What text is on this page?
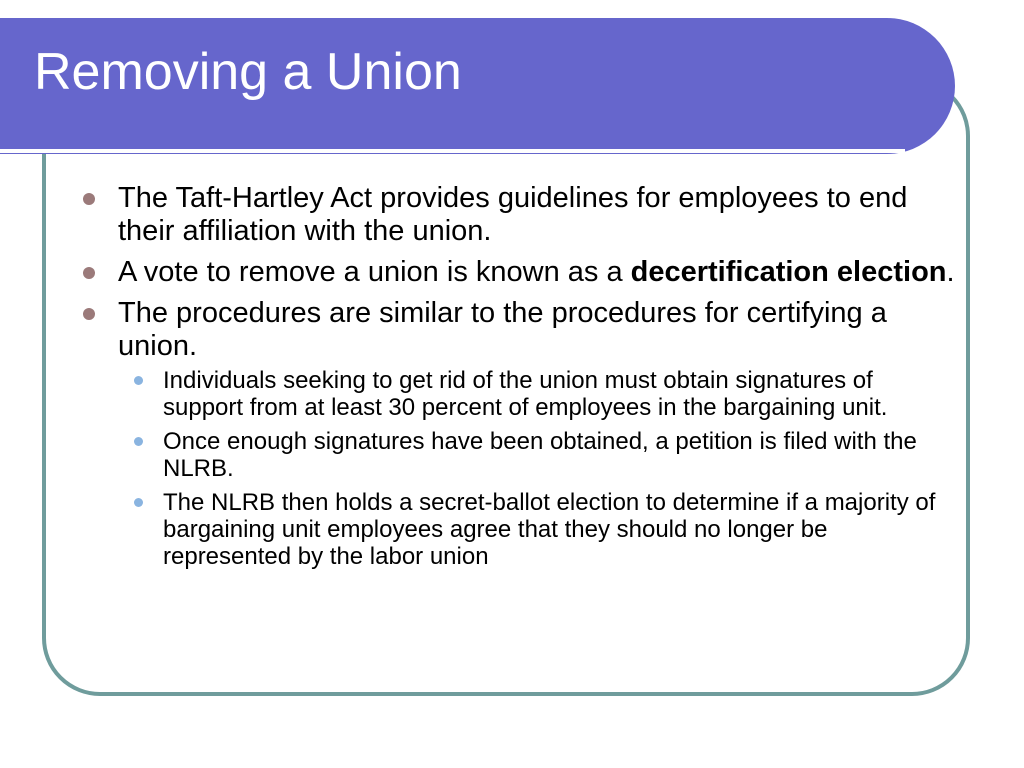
Removing a Union
The Taft-Hartley Act provides guidelines for employees to end their affiliation with the union.
A vote to remove a union is known as a decertification election.
The procedures are similar to the procedures for certifying a union.
Individuals seeking to get rid of the union must obtain signatures of support from at least 30 percent of employees in the bargaining unit.
Once enough signatures have been obtained, a petition is filed with the NLRB.
The NLRB then holds a secret-ballot election to determine if a majority of bargaining unit employees agree that they should no longer be represented by the labor union
